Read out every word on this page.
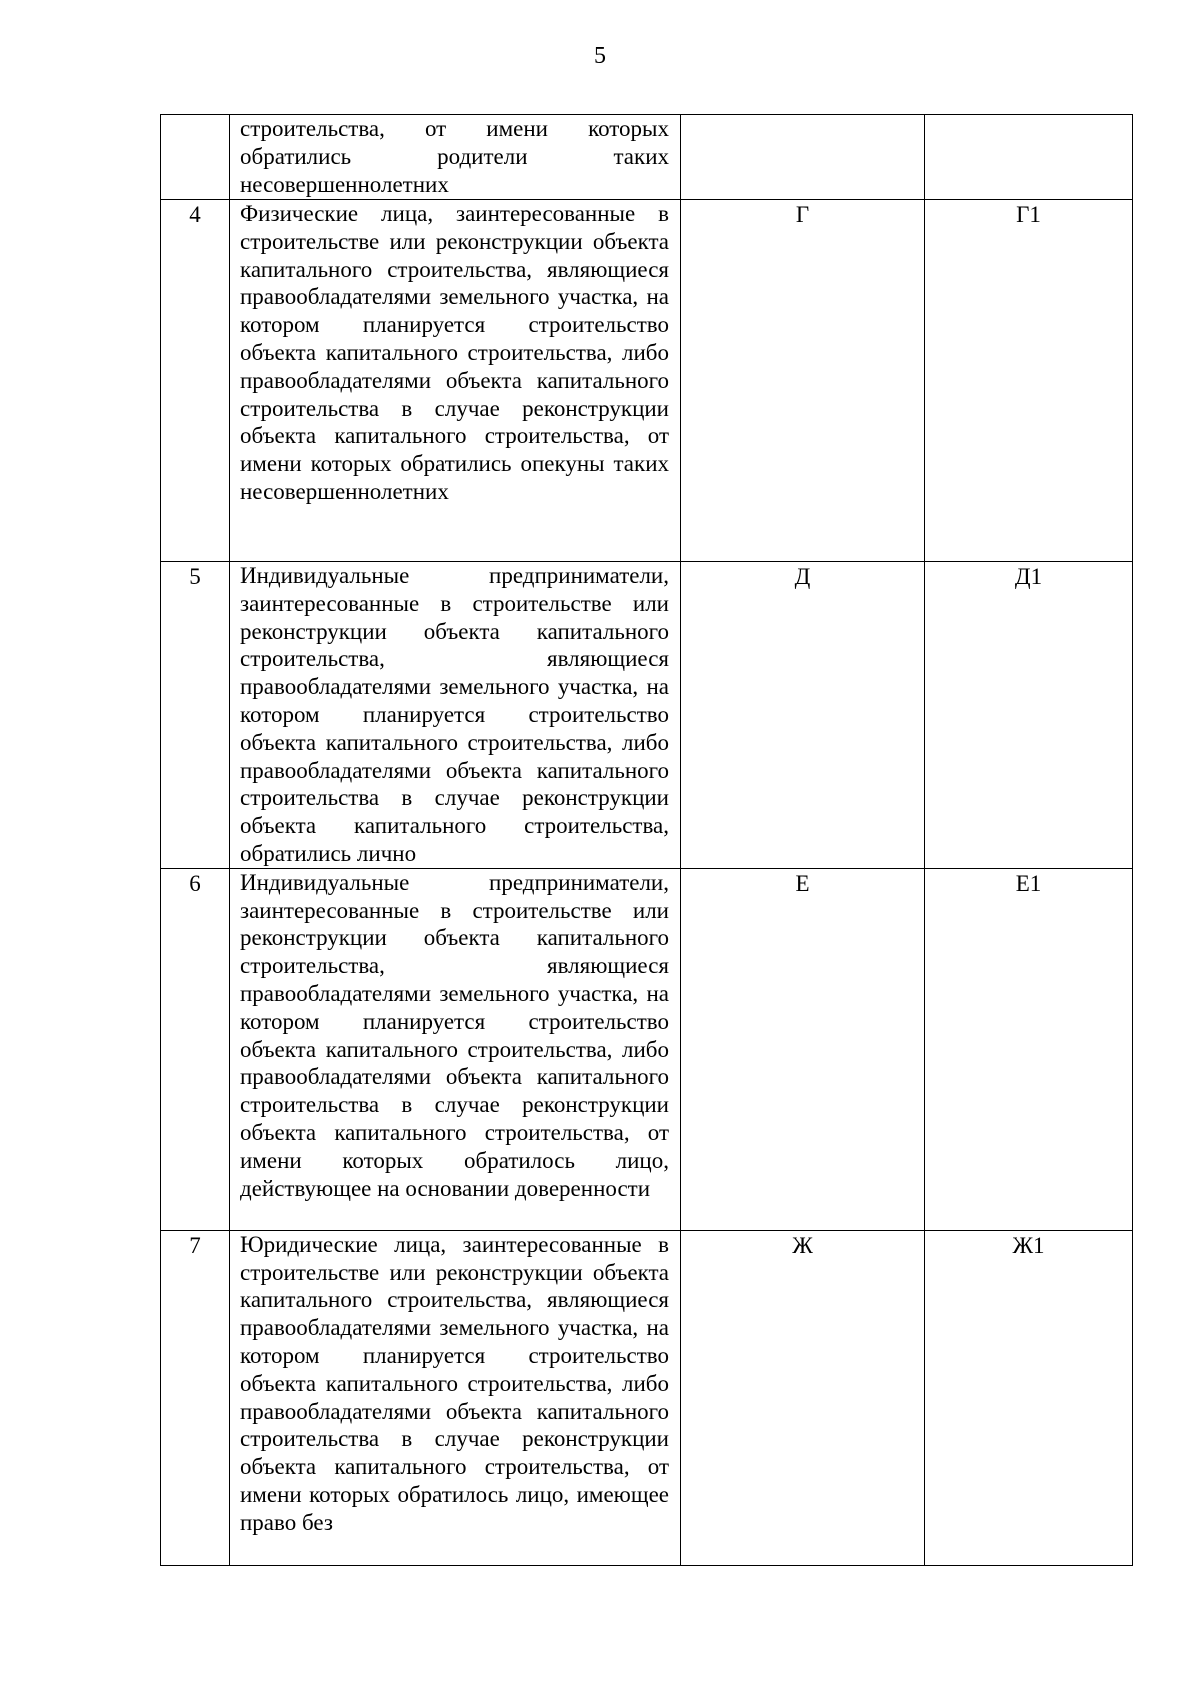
5

	строительства, от имени которых обратились родители таких несовершеннолетних		

4	Физические лица, заинтересованные в строительстве или реконструкции объекта капитального строительства, являющиеся правообладателями земельного участка, на котором планируется строительство объекта капитального строительства, либо правообладателями объекта капитального строительства в случае реконструкции объекта капитального строительства, от имени которых обратились опекуны таких несовершеннолетних	Г	Г1
5	Индивидуальные предприниматели, заинтересованные в строительстве или реконструкции объекта капитального строительства, являющиеся правообладателями земельного участка, на котором планируется строительство объекта капитального строительства, либо правообладателями объекта капитального строительства в случае реконструкции объекта капитального строительства, обратились лично	Д	Д1
6	Индивидуальные предприниматели, заинтересованные в строительстве или реконструкции объекта капитального строительства, являющиеся правообладателями земельного участка, на котором планируется строительство объекта капитального строительства, либо правообладателями объекта капитального строительства в случае реконструкции объекта капитального строительства, от имени которых обратилось лицо, действующее на основании доверенности	Е	Е1
7	Юридические лица, заинтересованные в строительстве или реконструкции объекта капитального строительства, являющиеся правообладателями земельного участка, на котором планируется строительство объекта капитального строительства, либо правообладателями объекта капитального строительства в случае реконструкции объекта капитального строительства, от имени которых обратилось лицо, имеющее право без	Ж	Ж1
